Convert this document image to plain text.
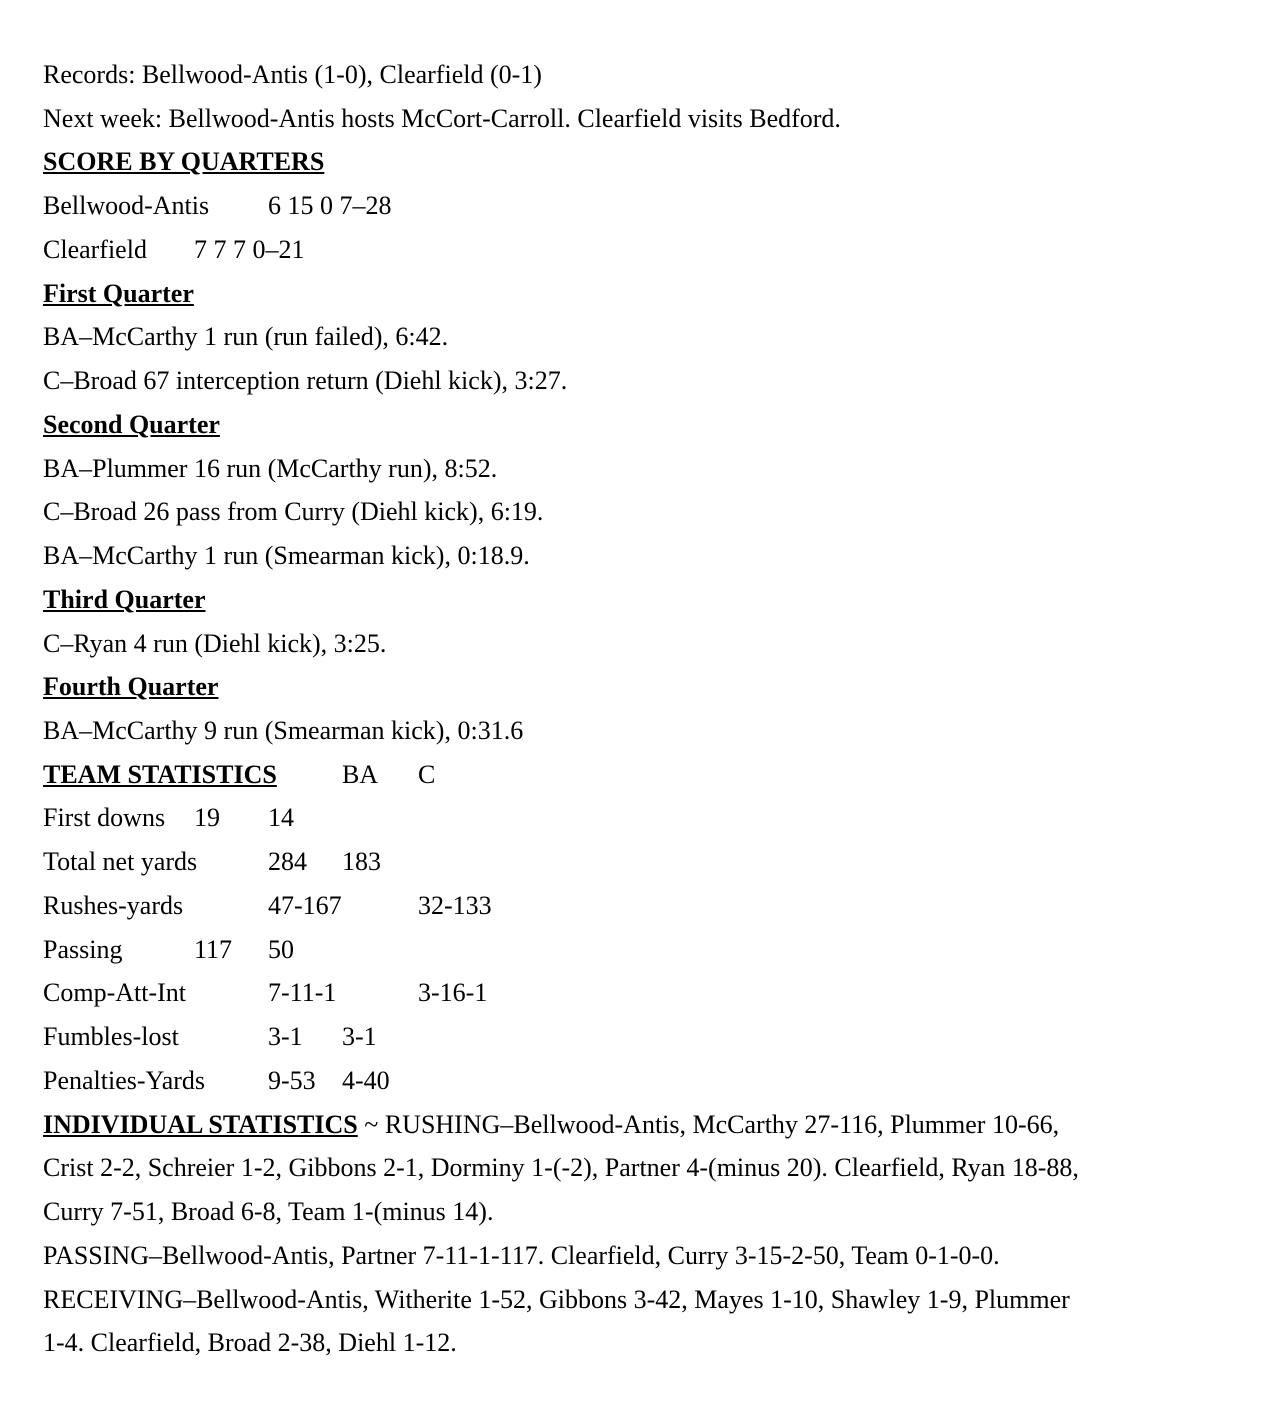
Records: Bellwood-Antis (1-0), Clearfield (0-1)
Next week: Bellwood-Antis hosts McCort-Carroll. Clearfield visits Bedford.
SCORE BY QUARTERS
Bellwood-Antis 6 15 0 7–28
Clearfield 7 7 7 0–21
First Quarter
BA–McCarthy 1 run (run failed), 6:42.
C–Broad 67 interception return (Diehl kick), 3:27.
Second Quarter
BA–Plummer 16 run (McCarthy run), 8:52.
C–Broad 26 pass from Curry (Diehl kick), 6:19.
BA–McCarthy 1 run (Smearman kick), 0:18.9.
Third Quarter
C–Ryan 4 run (Diehl kick), 3:25.
Fourth Quarter
BA–McCarthy 9 run (Smearman kick), 0:31.6
TEAM STATISTICS	BA C
First downs 19 14
Total net yards	284 183
Rushes-yards	47-167	32-133
Passing	117 50
Comp-Att-Int	7-11-1	3-16-1
Fumbles-lost	3-1 3-1
Penalties-Yards 9-53 4-40
INDIVIDUAL STATISTICS ~ RUSHING–Bellwood-Antis, McCarthy 27-116, Plummer 10-66,
Crist 2-2, Schreier 1-2, Gibbons 2-1, Dorminy 1-(-2), Partner 4-(minus 20). Clearfield, Ryan 18-88,
Curry 7-51, Broad 6-8, Team 1-(minus 14).
PASSING–Bellwood-Antis, Partner 7-11-1-117. Clearfield, Curry 3-15-2-50, Team 0-1-0-0.
RECEIVING–Bellwood-Antis, Witherite 1-52, Gibbons 3-42, Mayes 1-10, Shawley 1-9, Plummer
1-4. Clearfield, Broad 2-38, Diehl 1-12.
